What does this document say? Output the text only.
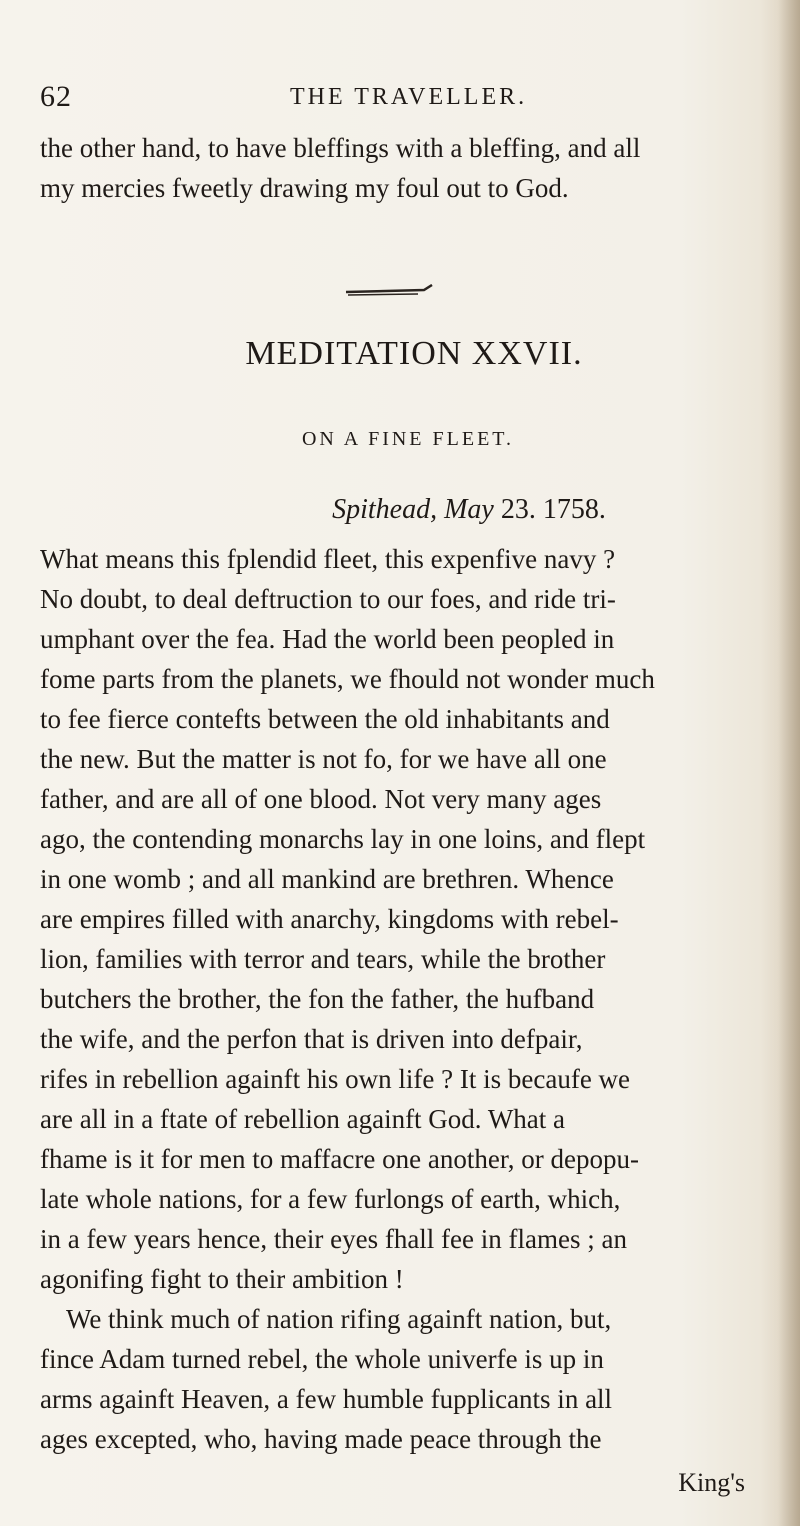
62	THE TRAVELLER.
the other hand, to have bleffings with a bleffing, and all
my mercies fweetly drawing my foul out to God.
MEDITATION XXVII.
ON A FINE FLEET.
Spithead, May 23. 1758.
What means this fplendid fleet, this expenfive navy ?
No doubt, to deal deftruction to our foes, and ride tri-
umphant over the fea. Had the world been peopled in
fome parts from the planets, we fhould not wonder much
to fee fierce contefts between the old inhabitants and
the new. But the matter is not fo, for we have all one
father, and are all of one blood. Not very many ages
ago, the contending monarchs lay in one loins, and flept
in one womb ; and all mankind are brethren. Whence
are empires filled with anarchy, kingdoms with rebel-
lion, families with terror and tears, while the brother
butchers the brother, the fon the father, the hufband
the wife, and the perfon that is driven into defpair,
rifes in rebellion againft his own life ? It is becaufe we
are all in a ftate of rebellion againft God. What a
fhame is it for men to maffacre one another, or depopu-
late whole nations, for a few furlongs of earth, which,
in a few years hence, their eyes fhall fee in flames ; an
agonifing fight to their ambition !
We think much of nation rifing againft nation, but,
fince Adam turned rebel, the whole univerfe is up in
arms againft Heaven, a few humble fupplicants in all
ages excepted, who, having made peace through the
King's
